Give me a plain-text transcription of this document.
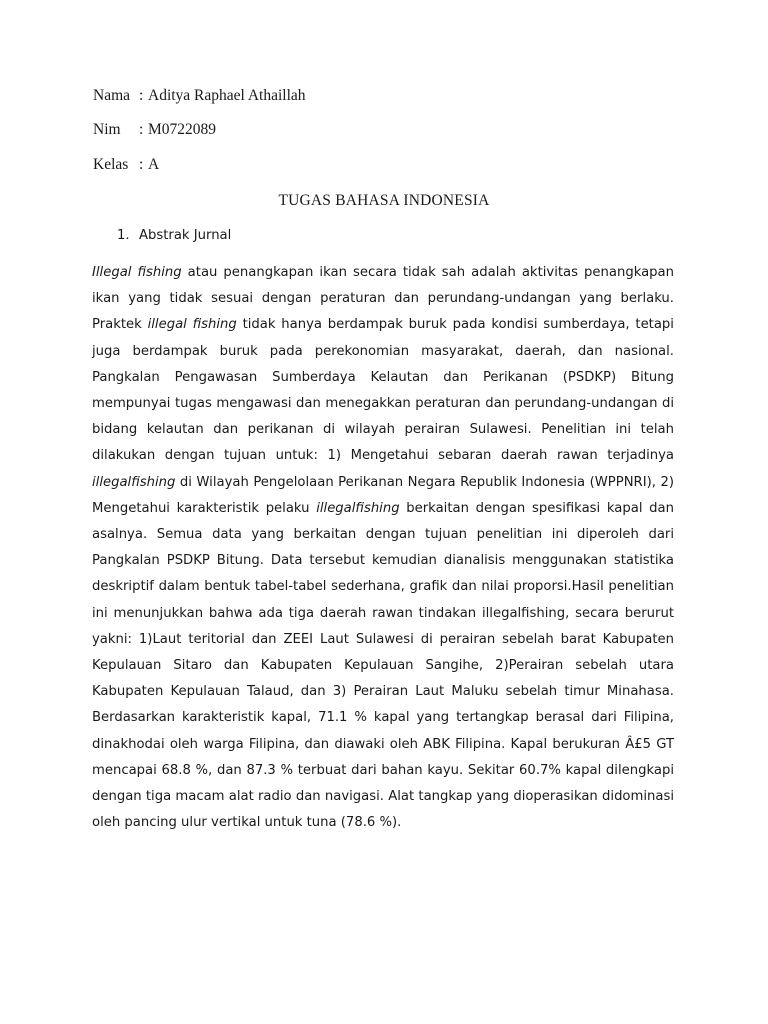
Nama : Aditya Raphael Athaillah
Nim : M0722089
Kelas : A
TUGAS BAHASA INDONESIA
1. Abstrak Jurnal

Illegal fishing atau penangkapan ikan secara tidak sah adalah aktivitas penangkapan ikan yang tidak sesuai dengan peraturan dan perundang-undangan yang berlaku. Praktek illegal fishing tidak hanya berdampak buruk pada kondisi sumberdaya, tetapi juga berdampak buruk pada perekonomian masyarakat, daerah, dan nasional. Pangkalan Pengawasan Sumberdaya Kelautan dan Perikanan (PSDKP) Bitung mempunyai tugas mengawasi dan menegakkan peraturan dan perundang-undangan di bidang kelautan dan perikanan di wilayah perairan Sulawesi. Penelitian ini telah dilakukan dengan tujuan untuk: 1) Mengetahui sebaran daerah rawan terjadinya illegalfishing di Wilayah Pengelolaan Perikanan Negara Republik Indonesia (WPPNRI), 2) Mengetahui karakteristik pelaku illegalfishing berkaitan dengan spesifikasi kapal dan asalnya. Semua data yang berkaitan dengan tujuan penelitian ini diperoleh dari Pangkalan PSDKP Bitung. Data tersebut kemudian dianalisis menggunakan statistika deskriptif dalam bentuk tabel-tabel sederhana, grafik dan nilai proporsi.Hasil penelitian ini menunjukkan bahwa ada tiga daerah rawan tindakan illegalfishing, secara berurut yakni: 1)Laut teritorial dan ZEEI Laut Sulawesi di perairan sebelah barat Kabupaten Kepulauan Sitaro dan Kabupaten Kepulauan Sangihe, 2)Perairan sebelah utara Kabupaten Kepulauan Talaud, dan 3) Perairan Laut Maluku sebelah timur Minahasa. Berdasarkan karakteristik kapal, 71.1 % kapal yang tertangkap berasal dari Filipina, dinakhodai oleh warga Filipina, dan diawaki oleh ABK Filipina. Kapal berukuran Â£5 GT mencapai 68.8 %, dan 87.3 % terbuat dari bahan kayu. Sekitar 60.7% kapal dilengkapi dengan tiga macam alat radio dan navigasi. Alat tangkap yang dioperasikan didominasi oleh pancing ulur vertikal untuk tuna (78.6 %).
